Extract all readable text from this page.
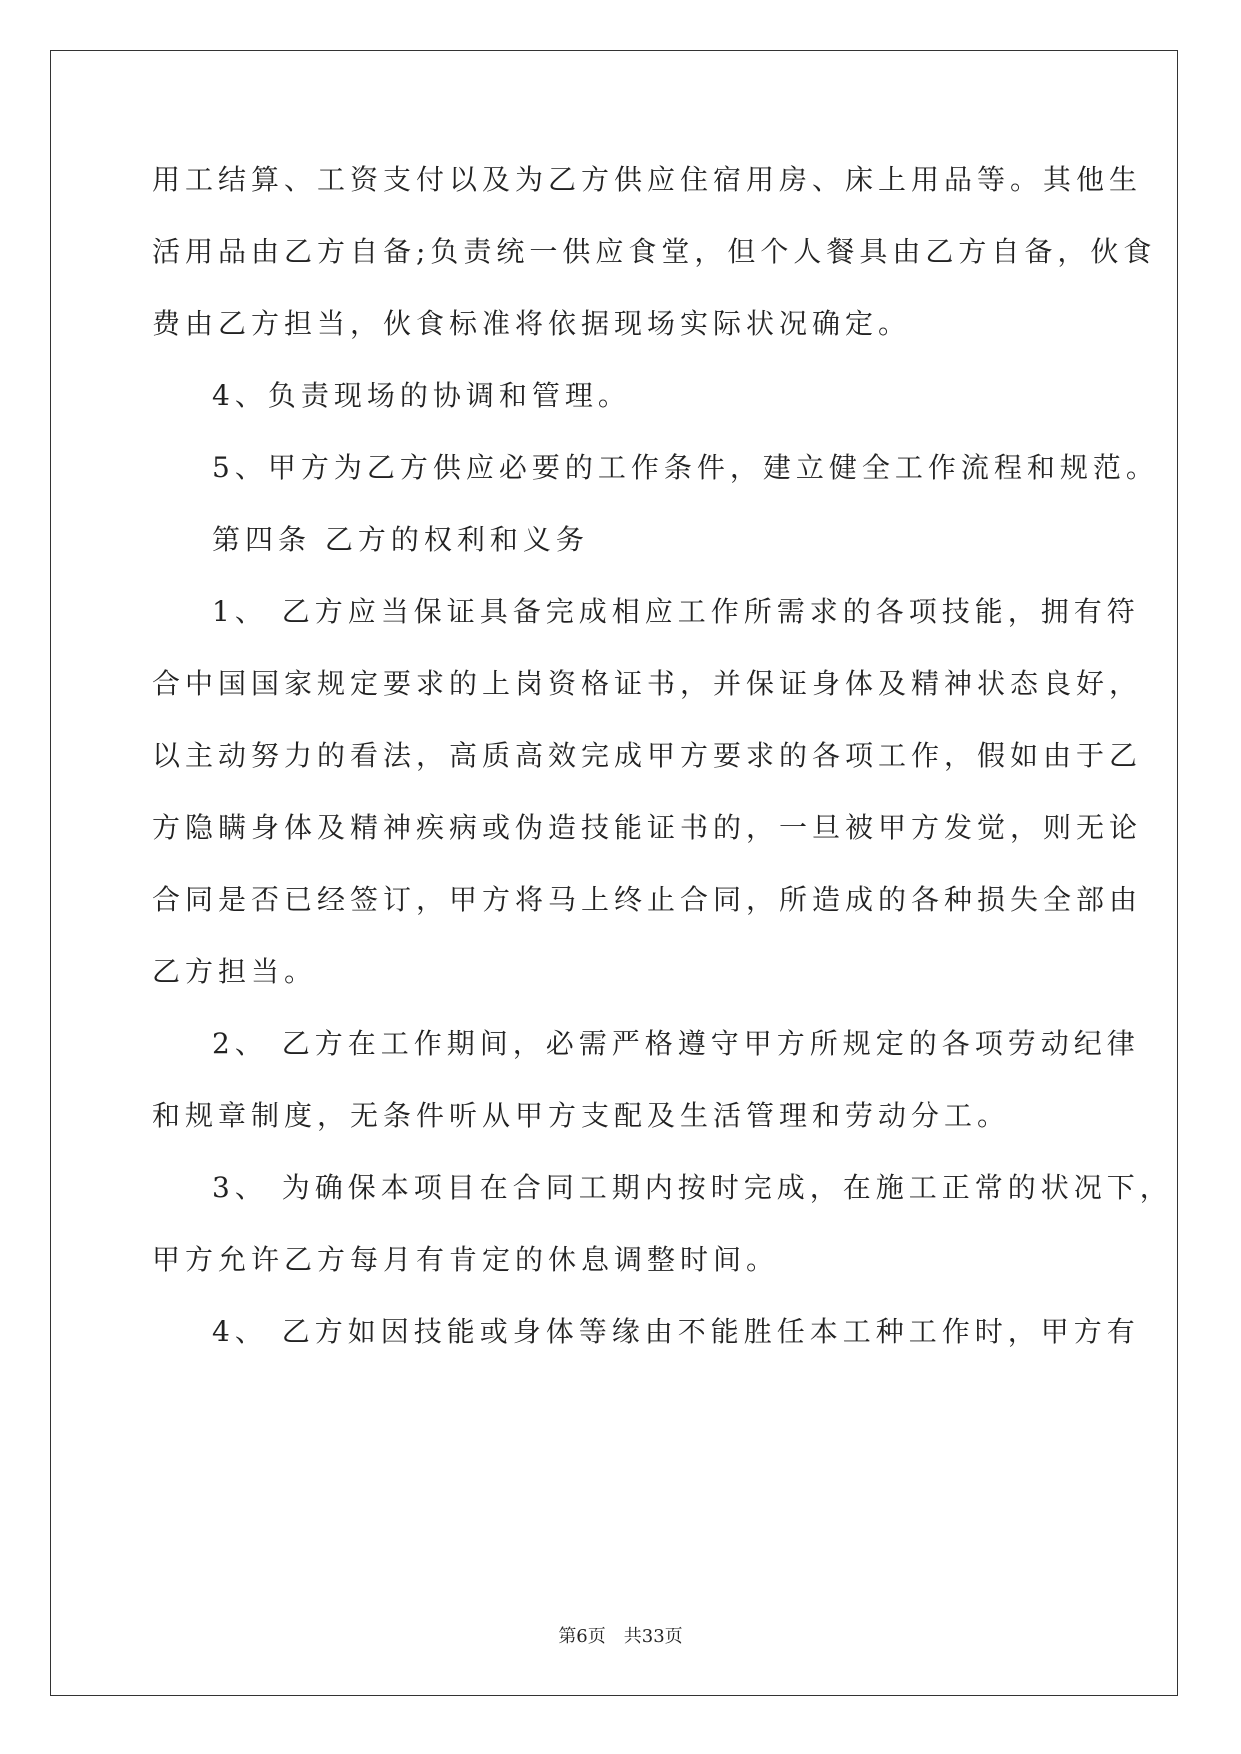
用工结算、工资支付以及为乙方供应住宿用房、床上用品等。其他生
活用品由乙方自备;负责统一供应食堂，但个人餐具由乙方自备，伙食
费由乙方担当，伙食标准将依据现场实际状况确定。
4、负责现场的协调和管理。
5、甲方为乙方供应必要的工作条件，建立健全工作流程和规范。
第四条 乙方的权利和义务
1、 乙方应当保证具备完成相应工作所需求的各项技能，拥有符
合中国国家规定要求的上岗资格证书，并保证身体及精神状态良好，
以主动努力的看法，高质高效完成甲方要求的各项工作，假如由于乙
方隐瞒身体及精神疾病或伪造技能证书的，一旦被甲方发觉，则无论
合同是否已经签订，甲方将马上终止合同，所造成的各种损失全部由
乙方担当。
2、 乙方在工作期间，必需严格遵守甲方所规定的各项劳动纪律
和规章制度，无条件听从甲方支配及生活管理和劳动分工。
3、 为确保本项目在合同工期内按时完成，在施工正常的状况下，
甲方允许乙方每月有肯定的休息调整时间。
4、 乙方如因技能或身体等缘由不能胜任本工种工作时，甲方有
第6页　共33页
